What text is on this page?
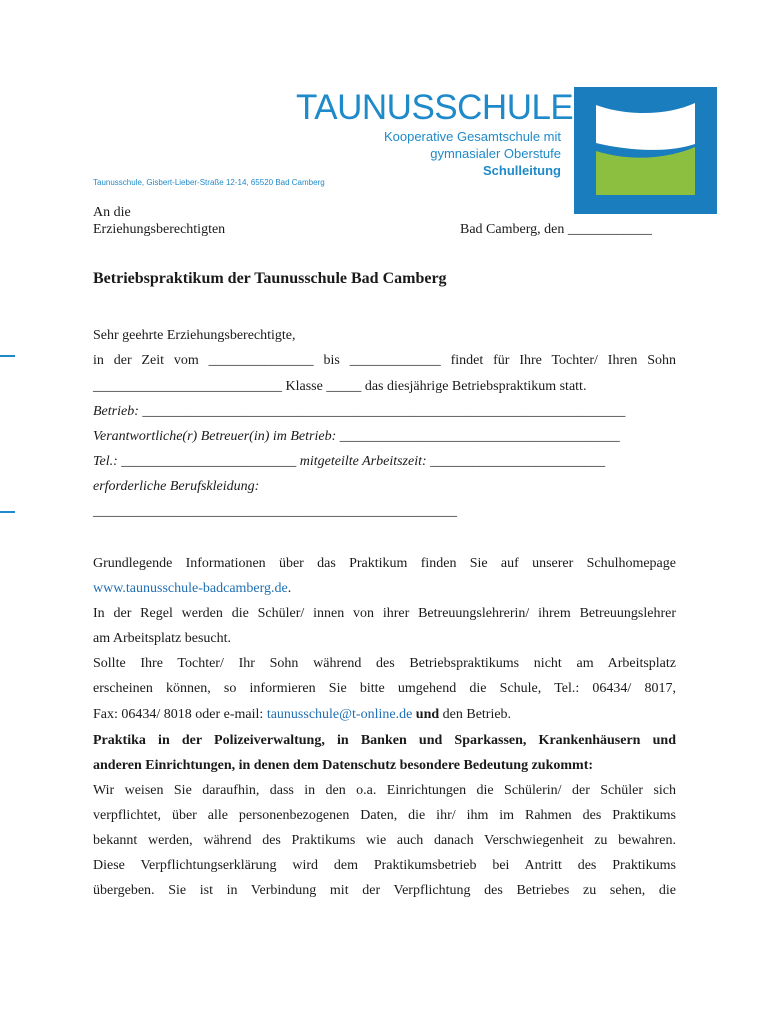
TAUNUSSCHULE
Kooperative Gesamtschule mit
gymnasialer Oberstufe
Schulleitung
Taunusschule, Gisbert-Lieber-Straße 12-14, 65520 Bad Camberg
An die
Erziehungsberechtigten	Bad Camberg, den ____________
Betriebspraktikum der Taunusschule Bad Camberg
Sehr geehrte Erziehungsberechtigte,
in der Zeit vom _______________ bis _____________ findet für Ihre Tochter/ Ihren Sohn
___________________________ Klasse _____ das diesjährige Betriebspraktikum statt.
Betrieb: _____________________________________________________________________
Verantwortliche(r) Betreuer(in) im Betrieb: ________________________________________
Tel.: _________________________ mitgeteilte Arbeitszeit: _________________________
erforderliche Berufskleidung:
____________________________________________________
Grundlegende Informationen über das Praktikum finden Sie auf unserer Schulhomepage
www.taunusschule-badcamberg.de.
In der Regel werden die Schüler/ innen von ihrer Betreuungslehrerin/ ihrem Betreuungslehrer
am Arbeitsplatz besucht.
Sollte Ihre Tochter/ Ihr Sohn während des Betriebspraktikums nicht am Arbeitsplatz
erscheinen können, so informieren Sie bitte umgehend die Schule, Tel.: 06434/ 8017,
Fax: 06434/ 8018 oder e-mail: taunusschule@t-online.de und den Betrieb.
Praktika in der Polizeiverwaltung, in Banken und Sparkassen, Krankenhäusern und
anderen Einrichtungen, in denen dem Datenschutz besondere Bedeutung zukommt:
Wir weisen Sie daraufhin, dass in den o.a. Einrichtungen die Schülerin/ der Schüler sich
verpflichtet, über alle personenbezogenen Daten, die ihr/ ihm im Rahmen des Praktikums
bekannt werden, während des Praktikums wie auch danach Verschwiegenheit zu bewahren.
Diese Verpflichtungserklärung wird dem Praktikumsbetrieb bei Antritt des Praktikums
übergeben. Sie ist in Verbindung mit der Verpflichtung des Betriebes zu sehen, die
